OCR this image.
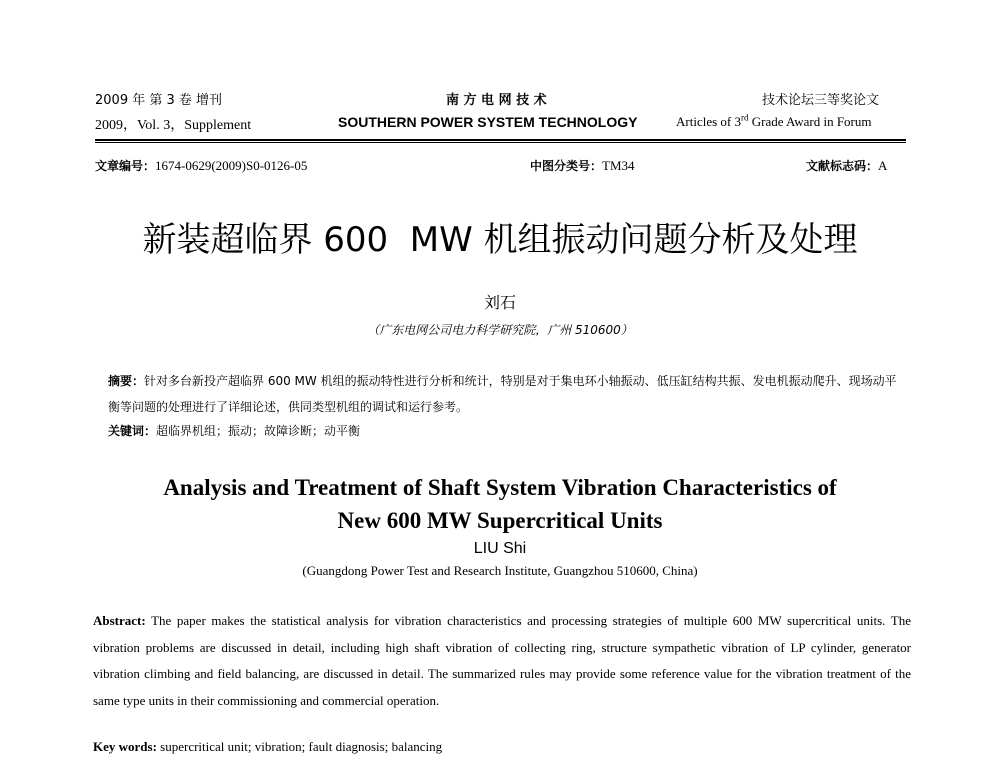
2009 年 第 3 卷 增刊
2009，Vol. 3，Supplement
南 方 电 网 技 术
SOUTHERN POWER SYSTEM TECHNOLOGY
技术论坛三等奖论文
Articles of 3rd Grade Award in Forum
文章编号：1674-0629(2009)S0-0126-05	中图分类号：TM34	文献标志码：A
新装超临界 600  MW 机组振动问题分析及处理
刘石
（广东电网公司电力科学研究院，广州 510600）
摘要：针对多台新投产超临界 600 MW 机组的振动特性进行分析和统计，特别是对于集电环小轴振动、低压缸结构共振、发电机振动爬升、现场动平衡等问题的处理进行了详细论述，供同类型机组的调试和运行参考。
关键词：超临界机组；振动；故障诊断；动平衡
Analysis and Treatment of Shaft System Vibration Characteristics of
New 600 MW Supercritical Units
LIU Shi
(Guangdong Power Test and Research Institute, Guangzhou 510600, China)
Abstract: The paper makes the statistical analysis for vibration characteristics and processing strategies of multiple 600 MW supercritical units. The vibration problems are discussed in detail, including high shaft vibration of collecting ring, structure sympathetic vibration of LP cylinder, generator vibration climbing and field balancing, are discussed in detail. The summarized rules may provide some reference value for the vibration treatment of the same type units in their commissioning and commercial operation.
Key words: supercritical unit; vibration; fault diagnosis; balancing
